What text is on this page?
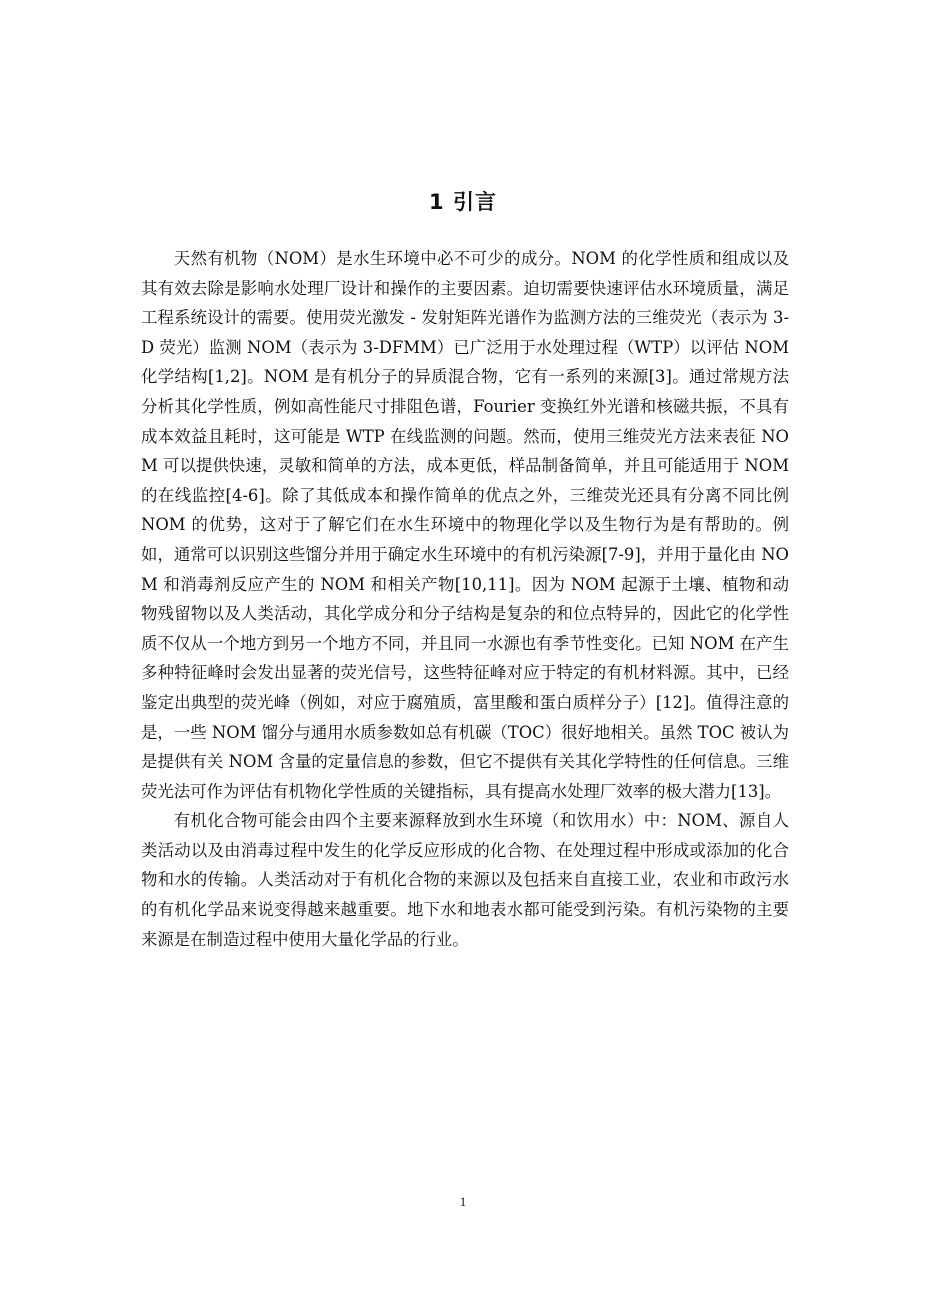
1 引言

天然有机物（NOM）是水生环境中必不可少的成分。NOM 的化学性质和组成以及其有效去除是影响水处理厂设计和操作的主要因素。迫切需要快速评估水环境质量，满足工程系统设计的需要。使用荧光激发 - 发射矩阵光谱作为监测方法的三维荧光（表示为 3-D 荧光）监测 NOM（表示为 3-DFMM）已广泛用于水处理过程（WTP）以评估 NOM 化学结构[1,2]。NOM 是有机分子的异质混合物，它有一系列的来源[3]。通过常规方法分析其化学性质，例如高性能尺寸排阻色谱，Fourier 变换红外光谱和核磁共振，不具有成本效益且耗时，这可能是 WTP 在线监测的问题。然而，使用三维荧光方法来表征 NOM 可以提供快速，灵敏和简单的方法，成本更低，样品制备简单，并且可能适用于 NOM 的在线监控[4-6]。除了其低成本和操作简单的优点之外，三维荧光还具有分离不同比例 NOM 的优势，这对于了解它们在水生环境中的物理化学以及生物行为是有帮助的。例如，通常可以识别这些馏分并用于确定水生环境中的有机污染源[7-9]，并用于量化由 NOM 和消毒剂反应产生的 NOM 和相关产物[10,11]。因为 NOM 起源于土壤、植物和动物残留物以及人类活动，其化学成分和分子结构是复杂的和位点特异的，因此它的化学性质不仅从一个地方到另一个地方不同，并且同一水源也有季节性变化。已知 NOM 在产生多种特征峰时会发出显著的荧光信号，这些特征峰对应于特定的有机材料源。其中，已经鉴定出典型的荧光峰（例如，对应于腐殖质，富里酸和蛋白质样分子）[12]。值得注意的是，一些 NOM 馏分与通用水质参数如总有机碳（TOC）很好地相关。虽然 TOC 被认为是提供有关 NOM 含量的定量信息的参数，但它不提供有关其化学特性的任何信息。三维荧光法可作为评估有机物化学性质的关键指标，具有提高水处理厂效率的极大潜力[13]。

有机化合物可能会由四个主要来源释放到水生环境（和饮用水）中：NOM、源自人类活动以及由消毒过程中发生的化学反应形成的化合物、在处理过程中形成或添加的化合物和水的传输。人类活动对于有机化合物的来源以及包括来自直接工业，农业和市政污水的有机化学品来说变得越来越重要。地下水和地表水都可能受到污染。有机污染物的主要来源是在制造过程中使用大量化学品的行业。

1
